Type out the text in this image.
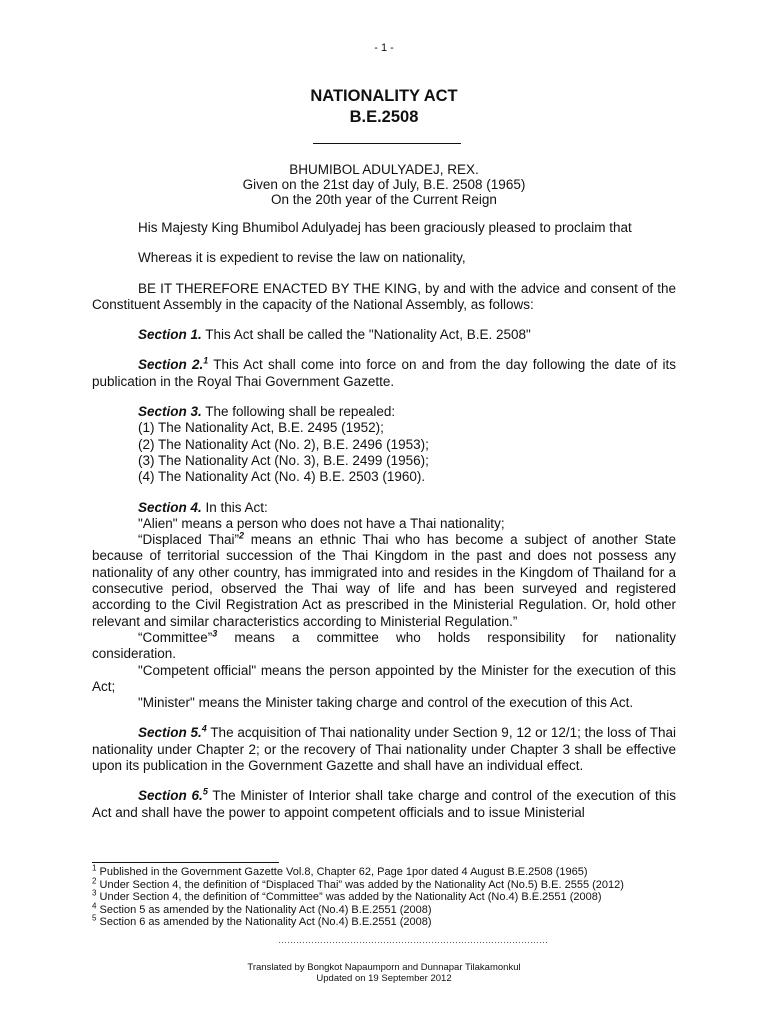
- 1 -
NATIONALITY ACT
B.E.2508
BHUMIBOL ADULYADEJ, REX.
Given on the 21st day of July, B.E. 2508 (1965)
On the 20th year of the Current Reign

His Majesty King Bhumibol Adulyadej has been graciously pleased to proclaim that

Whereas it is expedient to revise the law on nationality,

BE IT THEREFORE ENACTED BY THE KING, by and with the advice and consent of the Constituent Assembly in the capacity of the National Assembly, as follows:

Section 1. This Act shall be called the "Nationality Act, B.E. 2508"

Section 2.$^1$ This Act shall come into force on and from the day following the date of its publication in the Royal Thai Government Gazette.

Section 3. The following shall be repealed:

(1) The Nationality Act, B.E. 2495 (1952);

(2) The Nationality Act (No. 2), B.E. 2496 (1953);

(3) The Nationality Act (No. 3), B.E. 2499 (1956);

(4) The Nationality Act (No. 4) B.E. 2503 (1960).

Section 4. In this Act:

"Alien" means a person who does not have a Thai nationality;

“Displaced Thai”$^2$ means an ethnic Thai who has become a subject of another State because of territorial succession of the Thai Kingdom in the past and does not possess any nationality of any other country, has immigrated into and resides in the Kingdom of Thailand for a consecutive period, observed the Thai way of life and has been surveyed and registered according to the Civil Registration Act as prescribed in the Ministerial Regulation. Or, hold other relevant and similar characteristics according to Ministerial Regulation.”

“Committee”$^3$ means a committee who holds responsibility for nationality consideration.

"Competent official" means the person appointed by the Minister for the execution of this Act;

"Minister" means the Minister taking charge and control of the execution of this Act.

Section 5.$^4$ The acquisition of Thai nationality under Section 9, 12 or 12/1; the loss of Thai nationality under Chapter 2; or the recovery of Thai nationality under Chapter 3 shall be effective upon its publication in the Government Gazette and shall have an individual effect.

Section 6.$^5$ The Minister of Interior shall take charge and control of the execution of this Act and shall have the power to appoint competent officials and to issue Ministerial

$^1$ Published in the Government Gazette Vol.8, Chapter 62, Page 1por dated 4 August B.E.2508 (1965)
$^2$ Under Section 4, the definition of “Displaced Thai” was added by the Nationality Act (No.5) B.E. 2555 (2012)
$^3$ Under Section 4, the definition of “Committee” was added by the Nationality Act (No.4) B.E.2551 (2008)
$^4$ Section 5 as amended by the Nationality Act (No.4) B.E.2551 (2008)
$^5$ Section 6 as amended by the Nationality Act (No.4) B.E.2551 (2008)
………………………………………………………………………………
Translated by Bongkot Napaumporn and Dunnapar Tilakamonkul
Updated on 19 September 2012
